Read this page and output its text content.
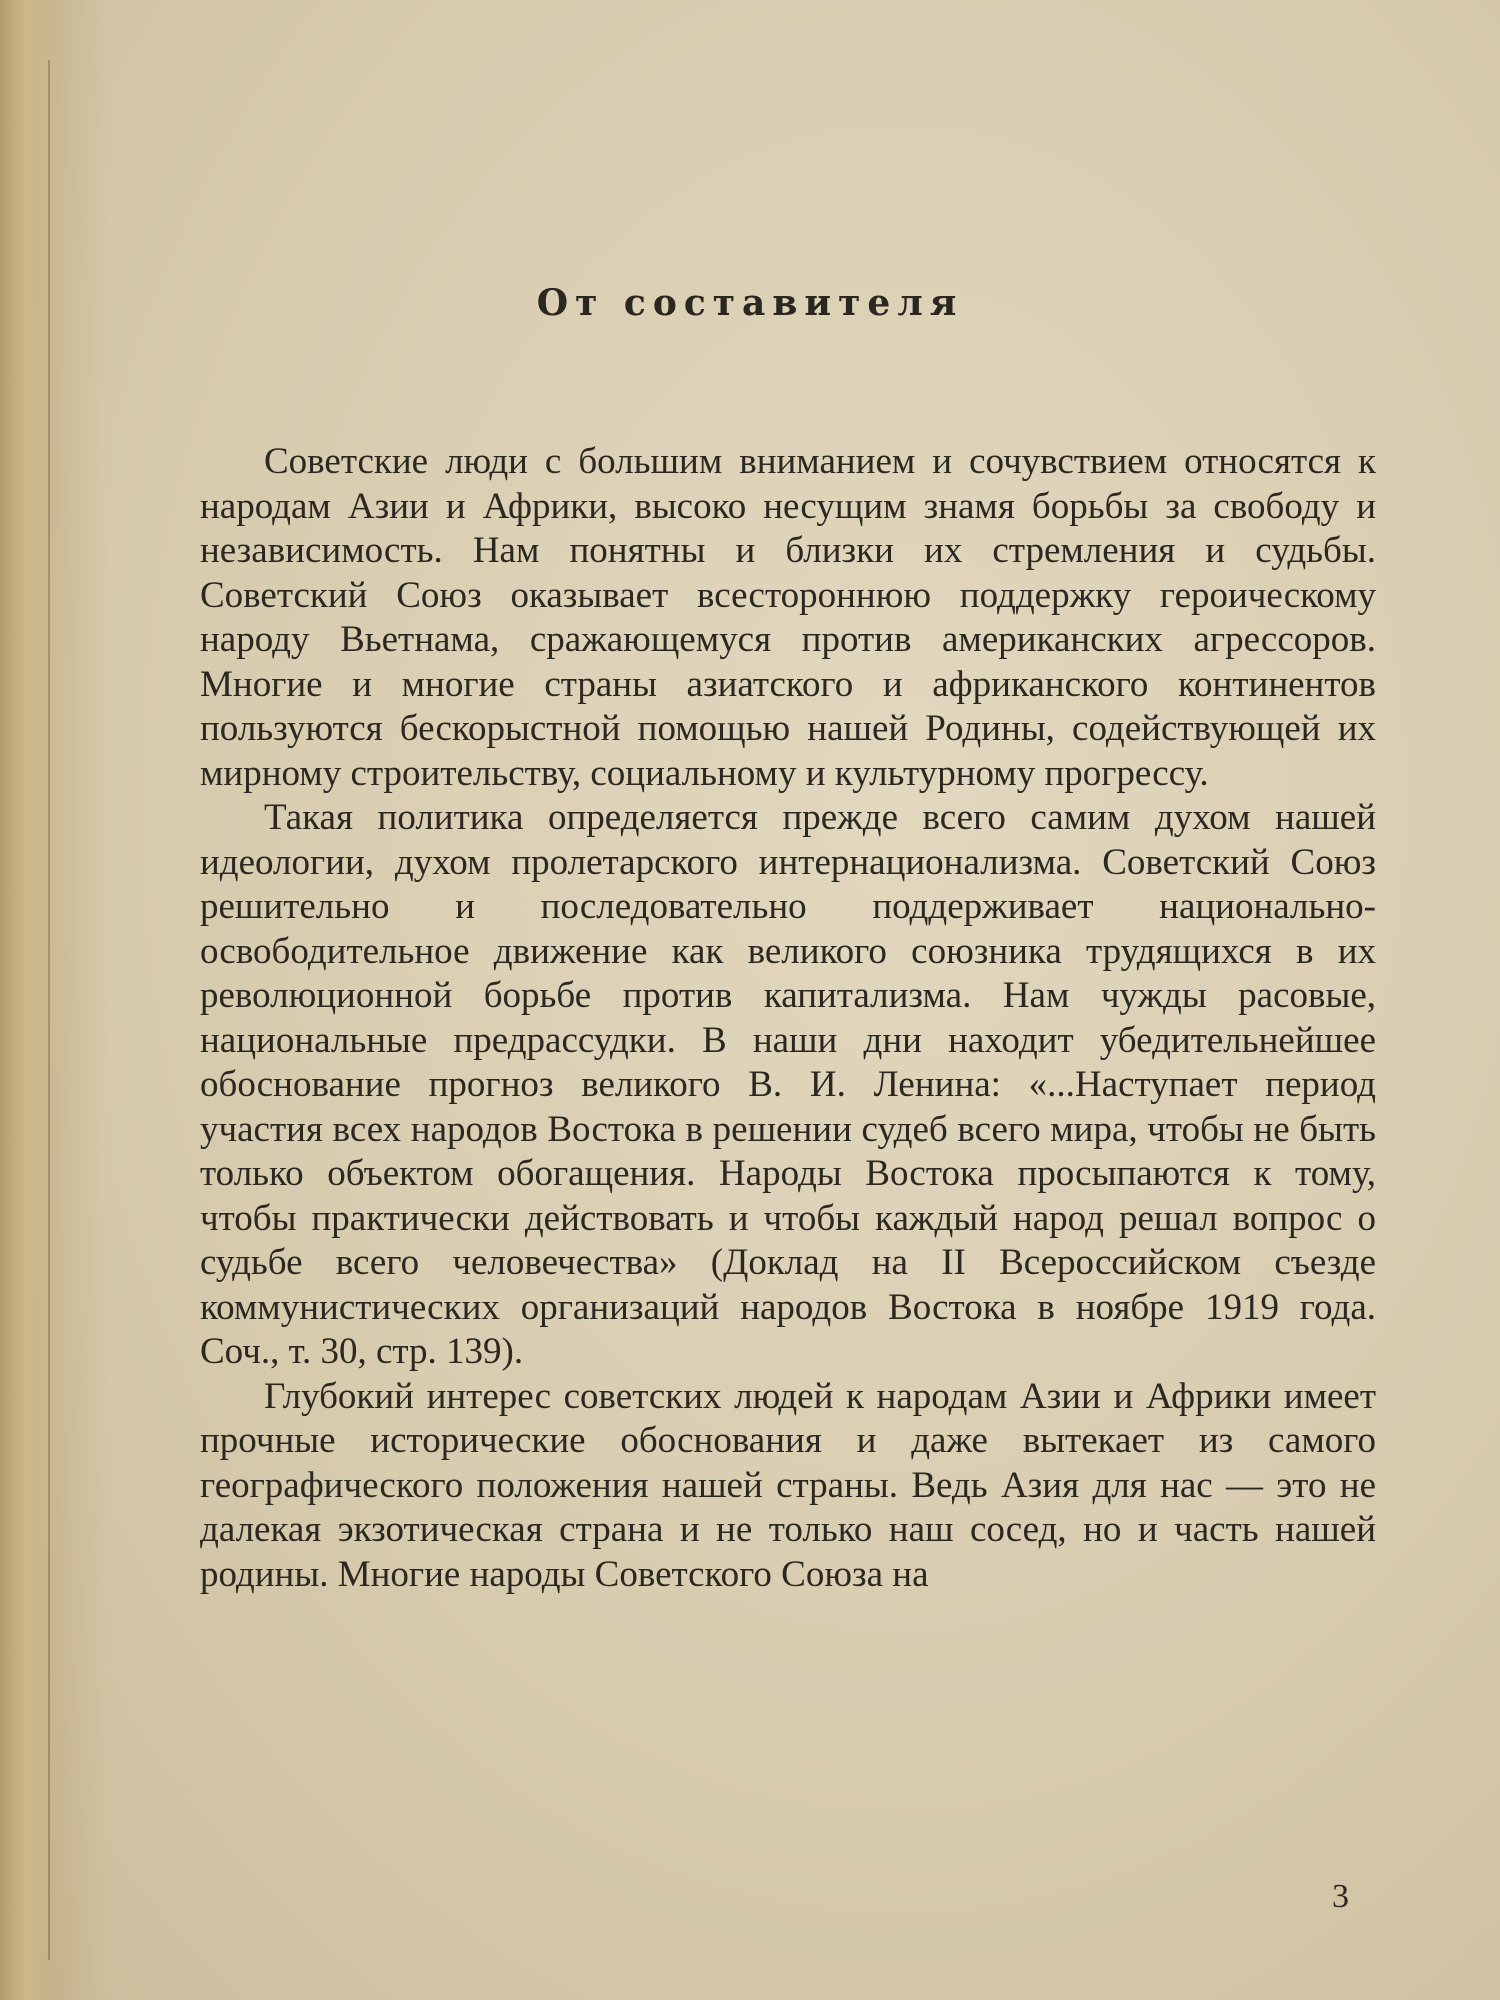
От составителя

Советские люди с большим вниманием и сочувствием относятся к народам Азии и Африки, высоко несущим знамя борьбы за свободу и независимость. Нам понятны и близки их стремления и судьбы. Советский Союз оказывает всестороннюю поддержку героическому народу Вьетнама, сражающемуся против американских агрессоров. Многие и многие страны азиатского и африканского континентов пользуются бескорыстной помощью нашей Родины, содействующей их мирному строительству, социальному и культурному прогрессу.

Такая политика определяется прежде всего самим духом нашей идеологии, духом пролетарского интернационализма. Советский Союз решительно и последовательно поддерживает национально-освободительное движение как великого союзника трудящихся в их революционной борьбе против капитализма. Нам чужды расовые, национальные предрассудки. В наши дни находит убедительнейшее обоснование прогноз великого В. И. Ленина: «...Наступает период участия всех народов Востока в решении судеб всего мира, чтобы не быть только объектом обогащения. Народы Востока просыпаются к тому, чтобы практически действовать и чтобы каждый народ решал вопрос о судьбе всего человечества» (Доклад на II Всероссийском съезде коммунистических организаций народов Востока в ноябре 1919 года. Соч., т. 30, стр. 139).

Глубокий интерес советских людей к народам Азии и Африки имеет прочные исторические обоснования и даже вытекает из самого географического положения нашей страны. Ведь Азия для нас — это не далекая экзотическая страна и не только наш сосед, но и часть нашей родины. Многие народы Советского Союза на

3
